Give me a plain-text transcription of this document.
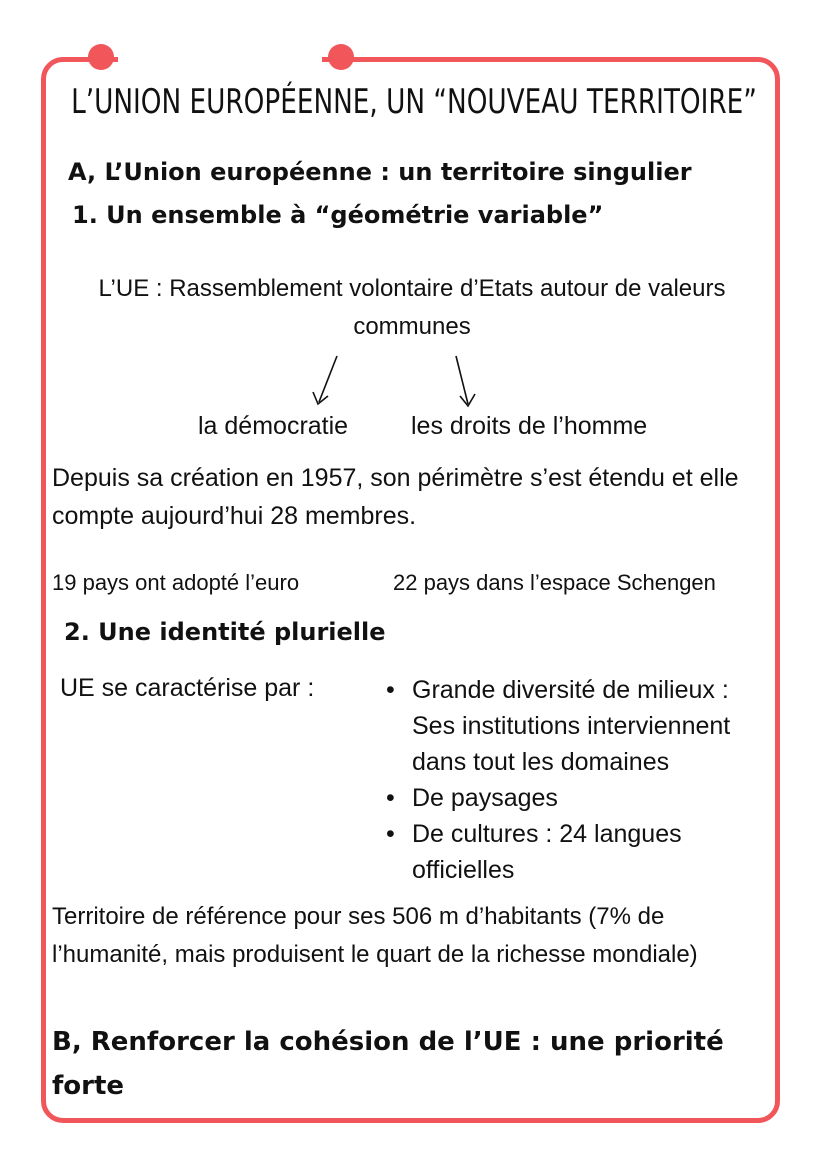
L’UNION EUROPÉENNE, UN “NOUVEAU TERRITOIRE”
A, L’Union européenne : un territoire singulier
1. Un ensemble à “géométrie variable”
L’UE : Rassemblement volontaire d’Etats autour de valeurs communes
la démocratie	les droits de l’homme
Depuis sa création en 1957, son périmètre s’est étendu et elle compte aujourd’hui 28 membres.
19 pays ont adopté l’euro	22 pays dans l’espace Schengen
2. Une identité plurielle
UE se caractérise par :	• Grande diversité de milieux : Ses institutions interviennent dans tout les domaines
• De paysages
• De cultures : 24 langues officielles
Territoire de référence pour ses 506 m d’habitants (7% de l’humanité, mais produisent le quart de la richesse mondiale)
B, Renforcer la cohésion de l’UE : une priorité forte
